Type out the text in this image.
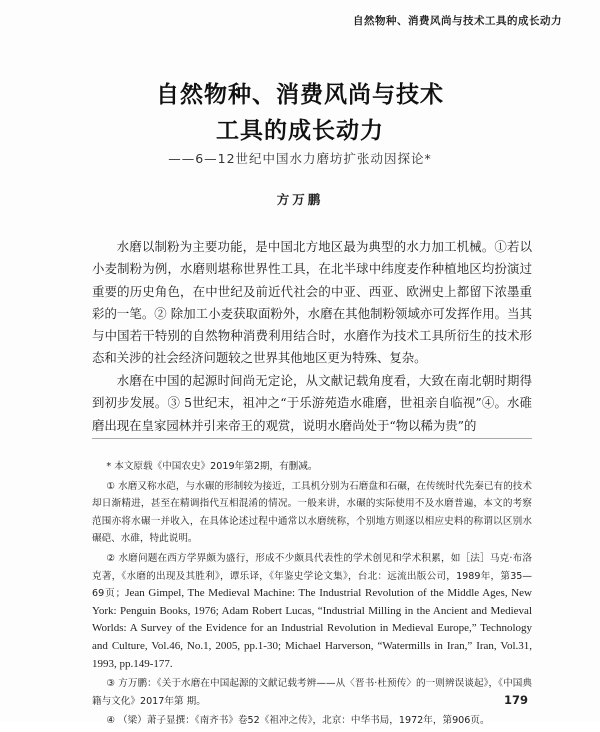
自然物种、消费风尚与技术工具的成长动力
自然物种、消费风尚与技术
工具的成长动力
——6—12世纪中国水力磨坊扩张动因探论*
方万鹏

水磨以制粉为主要功能，是中国北方地区最为典型的水力加工机械。①若以小麦制粉为例，水磨则堪称世界性工具，在北半球中纬度麦作种植地区均扮演过重要的历史角色，在中世纪及前近代社会的中亚、西亚、欧洲史上都留下浓墨重彩的一笔。② 除加工小麦获取面粉外，水磨在其他制粉领域亦可发挥作用。当其与中国若干特别的自然物种消费利用结合时，水磨作为技术工具所衍生的技术形态和关涉的社会经济问题较之世界其他地区更为特殊、复杂。

水磨在中国的起源时间尚无定论，从文献记载角度看，大致在南北朝时期得到初步发展。③ 5世纪末，祖冲之“于乐游苑造水碓磨，世祖亲自临视”④。水碓磨出现在皇家园林并引来帝王的观赏，说明水磨尚处于“物以稀为贵”的

* 本文原载《中国农史》2019年第2期，有删减。

① 水磨又称水硙，与水碾的形制较为接近，工具机分别为石磨盘和石碾，在传统时代先秦已有的技术却日渐精进，甚至在精调指代互相混淆的情况。一般来讲，水碾的实际使用不及水磨普遍，本文的考察范围亦将水碾一并收入，在具体论述过程中通常以水磨统称，个别地方则逐以相应史料的称谓以区别水碾硙、水碓，特此说明。

② 水磨问题在西方学界颇为盛行，形成不少颇具代表性的学术创见和学术积累，如［法］马克·布洛克著，《水磨的出现及其胜利》，谭乐译，《年鉴史学论文集》，台北：远流出版公司，1989年，第35—69页；Jean Gimpel, The Medieval Machine: The Industrial Revolution of the Middle Ages, New York: Penguin Books, 1976; Adam Robert Lucas, “Industrial Milling in the Ancient and Medieval Worlds: A Survey of the Evidence for an Industrial Revolution in Medieval Europe,” Technology and Culture, Vol.46, No.1, 2005, pp.1-30; Michael Harverson, “Watermills in Iran,” Iran, Vol.31, 1993, pp.149-177.

③ 方万鹏：《关于水磨在中国起源的文献记载考辨——从〈晋书·杜预传〉的一则辨误谈起》，《中国典籍与文化》2017年第 期。

④ （梁）萧子显撰：《南齐书》卷52《祖冲之传》，北京：中华书局，1972年，第906页。

179
